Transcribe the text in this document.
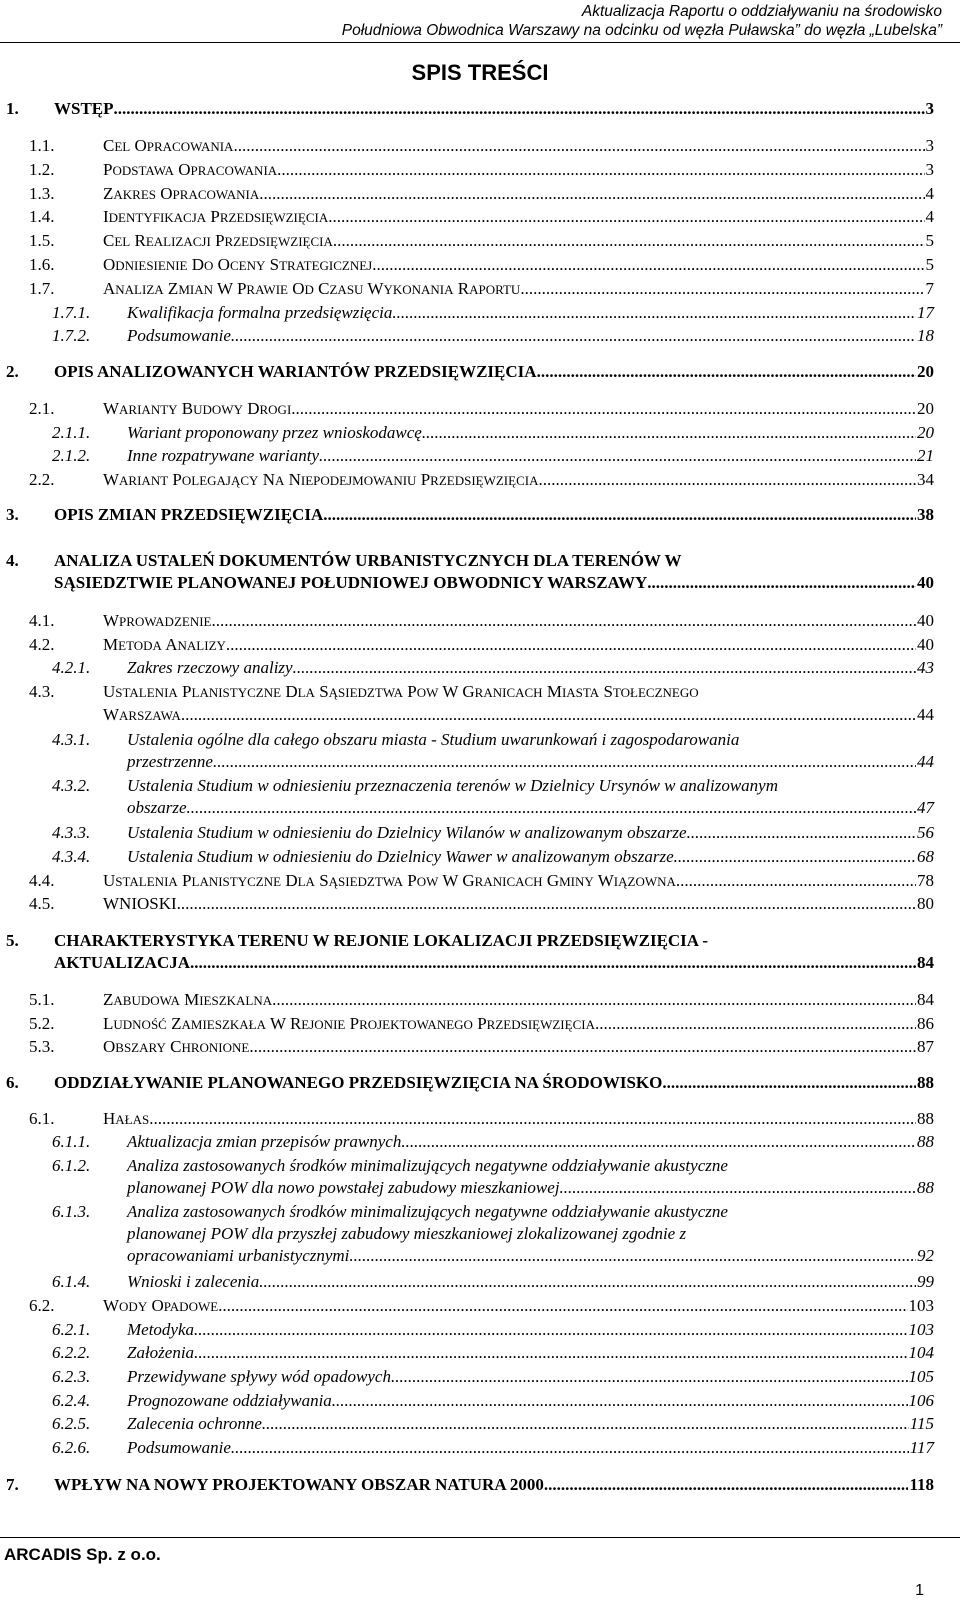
Aktualizacja Raportu o oddziaływaniu na środowisko
Południowa Obwodnica Warszawy na odcinku od węzła Puławska” do węzła „Lubelska”
SPIS TREŚCI
1. WSTĘP .....	3
1.1.	CEL OPRACOWANIA .....	3
1.2.	PODSTAWA OPRACOWANIA .....	3
1.3.	ZAKRES OPRACOWANIA .....	4
1.4.	IDENTYFIKACJA PRZEDSIĘWZIĘCIA .....	4
1.5.	CEL REALIZACJI PRZEDSIĘWZIĘCIA .....	5
1.6.	ODNIESIENIE DO OCENY STRATEGICZNEJ .....	5
1.7.	ANALIZA ZMIAN W PRAWIE OD CZASU WYKONANIA RAPORTU .....	7
1.7.1. Kwalifikacja formalna przedsięwzięcia .....	17
1.7.2. Podsumowanie .....	18
2. OPIS ANALIZOWANYCH WARIANTÓW PRZEDSIĘWZIĘCIA .....	20
2.1.	WARIANTY BUDOWY DROGI .....	20
2.1.1. Wariant proponowany przez wnioskodawcę .....	20
2.1.2. Inne rozpatrywane warianty .....	21
2.2.	WARIANT POLEGAJĄCY NA NIEPODEJMOWANIU PRZEDSIĘWZIĘCIA .....	34
3. OPIS ZMIAN PRZEDSIĘWZIĘCIA .....	38
4. ANALIZA USTALEŃ DOKUMENTÓW URBANISTYCZNYCH DLA TERENÓW W
SĄSIEDZTWIE PLANOWANEJ POŁUDNIOWEJ OBWODNICY WARSZAWY .....	40
4.1.	WPROWADZENIE .....	40
4.2.	METODA ANALIZY .....	40
4.2.1. Zakres rzeczowy analizy .....	43
4.3.	USTALENIA PLANISTYCZNE DLA SĄSIEDZTWA POW W GRANICACH MIASTA STOŁECZNEGO
WARSZAWA .....	44
4.3.1. Ustalenia ogólne dla całego obszaru miasta - Studium uwarunkowań i zagospodarowania
przestrzenne .....	44
4.3.2. Ustalenia Studium w odniesieniu przeznaczenia terenów w Dzielnicy Ursynów w analizowanym
obszarze .....	47
4.3.3. Ustalenia Studium w odniesieniu do Dzielnicy Wilanów w analizowanym obszarze .....	56
4.3.4. Ustalenia Studium w odniesieniu do Dzielnicy Wawer w analizowanym obszarze .....	68
4.4.	USTALENIA PLANISTYCZNE DLA SĄSIEDZTWA POW W GRANICACH GMINY WIĄZOWNA .....	78
4.5.	WNIOSKI .....	80
5. CHARAKTERYSTYKA TERENU W REJONIE LOKALIZACJI PRZEDSIĘWZIĘCIA -
AKTUALIZACJA .....	84
5.1.	ZABUDOWA MIESZKALNA .....	84
5.2.	LUDNOŚĆ ZAMIESZKAŁA W REJONIE PROJEKTOWANEGO PRZEDSIĘWZIĘCIA .....	86
5.3.	OBSZARY CHRONIONE .....	87
6. ODDZIAŁYWANIE PLANOWANEGO PRZEDSIĘWZIĘCIA NA ŚRODOWISKO .....	88
6.1.	HAŁAS .....	88
6.1.1. Aktualizacja zmian przepisów prawnych .....	88
6.1.2. Analiza zastosowanych środków minimalizujących negatywne oddziaływanie akustyczne
planowanej POW dla nowo powstałej zabudowy mieszkaniowej .....	88
6.1.3. Analiza zastosowanych środków minimalizujących negatywne oddziaływanie akustyczne
planowanej POW dla przyszłej zabudowy mieszkaniowej zlokalizowanej zgodnie z
opracowaniami urbanistycznymi. .....	92
6.1.4. Wnioski i zalecenia .....	99
6.2.	WODY OPADOWE .....	103
6.2.1. Metodyka .....	103
6.2.2. Założenia .....	104
6.2.3. Przewidywane spływy wód opadowych .....	105
6.2.4. Prognozowane oddziaływania .....	106
6.2.5. Zalecenia ochronne .....	115
6.2.6. Podsumowanie .....	117
7. WPŁYW NA NOWY PROJEKTOWANY OBSZAR NATURA 2000 .....	118
ARCADIS Sp. z o.o.
1
